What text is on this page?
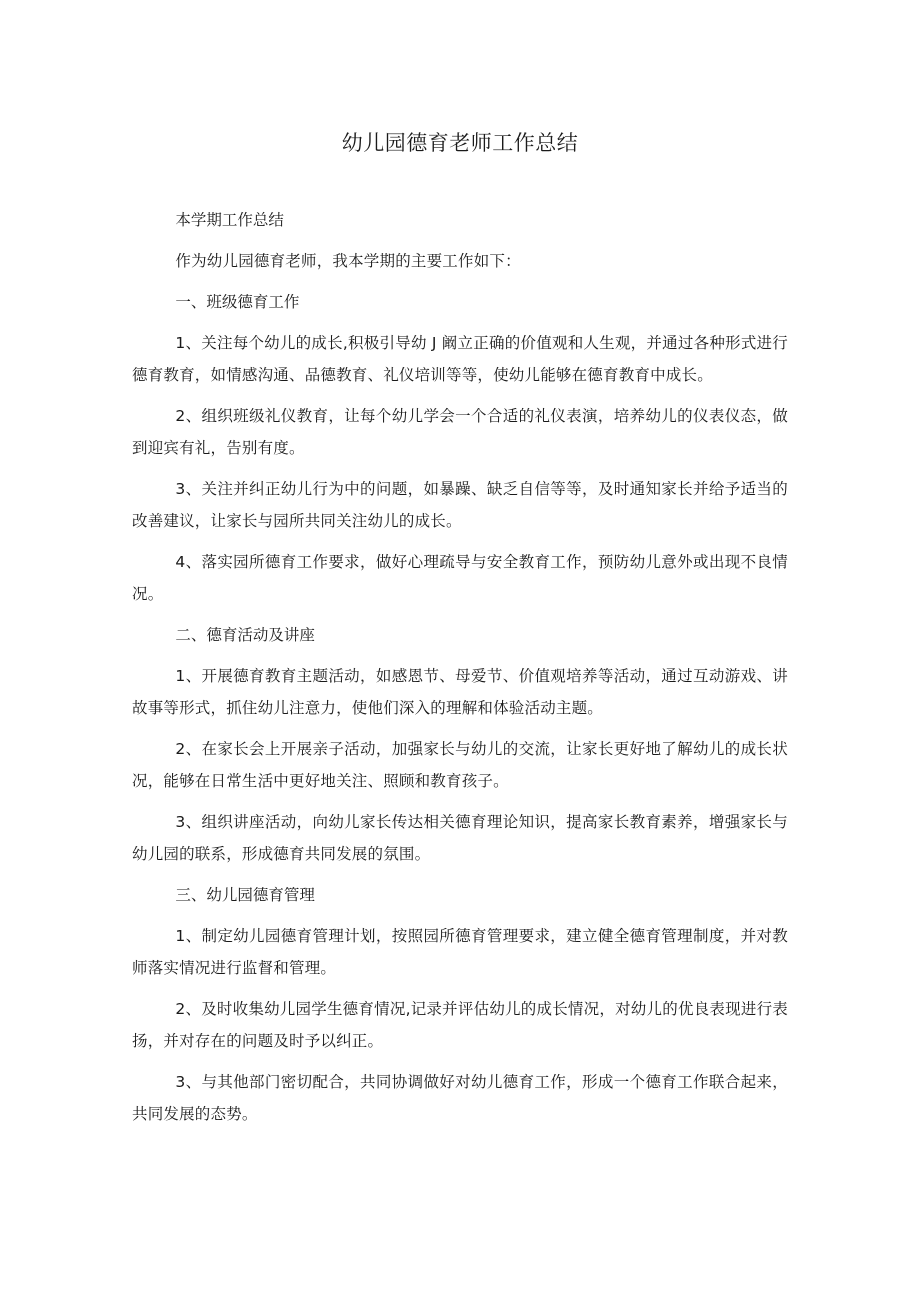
幼儿园德育老师工作总结
本学期工作总结

作为幼儿园德育老师，我本学期的主要工作如下：

一、班级德育工作

1、关注每个幼儿的成长,积极引导幼 J 阚立正确的价值观和人生观，并通过各种形式进行德育教育，如情感沟通、品德教育、礼仪培训等等，使幼儿能够在德育教育中成长。

2、组织班级礼仪教育，让每个幼儿学会一个合适的礼仪表演，培养幼儿的仪表仪态，做到迎宾有礼，告别有度。

3、关注并纠正幼儿行为中的问题，如暴躁、缺乏自信等等，及时通知家长并给予适当的改善建议，让家长与园所共同关注幼儿的成长。

4、落实园所德育工作要求，做好心理疏导与安全教育工作，预防幼儿意外或出现不良情况。

二、德育活动及讲座

1、开展德育教育主题活动，如感恩节、母爱节、价值观培养等活动，通过互动游戏、讲故事等形式，抓住幼儿注意力，使他们深入的理解和体验活动主题。

2、在家长会上开展亲子活动，加强家长与幼儿的交流，让家长更好地了解幼儿的成长状况，能够在日常生活中更好地关注、照顾和教育孩子。

3、组织讲座活动，向幼儿家长传达相关德育理论知识，提高家长教育素养，增强家长与幼儿园的联系，形成德育共同发展的氛围。

三、幼儿园德育管理

1、制定幼儿园德育管理计划，按照园所德育管理要求，建立健全德育管理制度，并对教师落实情况进行监督和管理。

2、及时收集幼儿园学生德育情况,记录并评估幼儿的成长情况，对幼儿的优良表现进行表扬，并对存在的问题及时予以纠正。

3、与其他部门密切配合，共同协调做好对幼儿德育工作，形成一个德育工作联合起来，共同发展的态势。
